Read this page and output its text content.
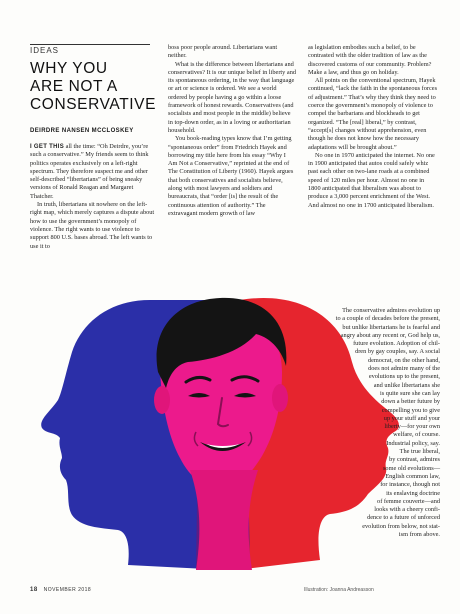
IDEAS
WHY YOU
ARE NOT A
CONSERVATIVE
DEIRDRE NANSEN MCCLOSKEY

I GET THIS all the time: “Oh Deirdre, you’re such a conservative.” My friends seem to think politics operates exclusively on a left-right spectrum. They therefore suspect me and other self-described “libertarians” of being sneaky versions of Ronald Reagan and Margaret Thatcher.

In truth, libertarians sit nowhere on the left-right map, which merely captures a dispute about how to use the government’s monopoly of violence. The right wants to use violence to support 800 U.S. bases abroad. The left wants to use it to

boss poor people around. Libertarians want neither.

What is the difference between libertarians and conservatives? It is our unique belief in liberty and its spontaneous ordering, in the way that language or art or science is ordered. We see a world ordered by people having a go within a loose framework of honest rewards. Conservatives (and socialists and most people in the middle) believe in top-down order, as in a loving or authoritarian household.

You book-reading types know that I’m getting “spontaneous order” from Friedrich Hayek and borrowing my title here from his essay “Why I Am Not a Conservative,” reprinted at the end of The Constitution of Liberty (1960). Hayek argues that both conservatives and socialists believe, along with most lawyers and soldiers and bureaucrats, that “order [is] the result of the continuous attention of authority.” The extravagant modern growth of law

as legislation embodies such a belief, to be contrasted with the older tradition of law as the discovered customs of our community. Problem? Make a law, and thus go on holiday.

All points on the conventional spectrum, Hayek continued, “lack the faith in the spontaneous forces of adjustment.” That’s why they think they need to coerce the government’s monopoly of violence to compel the barbarians and blockheads to get organized. “The [real] liberal,” by contrast, “accept[s] changes without apprehension, even though he does not know how the necessary adaptations will be brought about.”

No one in 1970 anticipated the internet. No one in 1900 anticipated that autos could safely whiz past each other on two-lane roads at a combined speed of 120 miles per hour. Almost no one in 1800 anticipated that liberalism was about to produce a 3,000 percent enrichment of the West. And almost no one in 1700 anticipated liberalism.

The conservative admires evolution up
to a couple of decades before the present,
but unlike libertarians he is fearful and
angry about any recent or, God help us,
future evolution. Adoption of chil-
dren by gay couples, say. A social
democrat, on the other hand,
does not admire many of the
evolutions up to the present,
and unlike libertarians she
is quite sure she can lay
down a better future by
compelling you to give
up your stuff and your
liberty—for your own
welfare, of course.
Industrial policy, say.
The true liberal,
by contrast, admires
some old evolutions—
English common law,
for instance, though not
its enslaving doctrine
of femme couverte—and
looks with a cheery confi-
dence to a future of unforced
evolution from below, not stat-
ism from above.
18 NOVEMBER 2018	Illustration: Joanna Andreasson
